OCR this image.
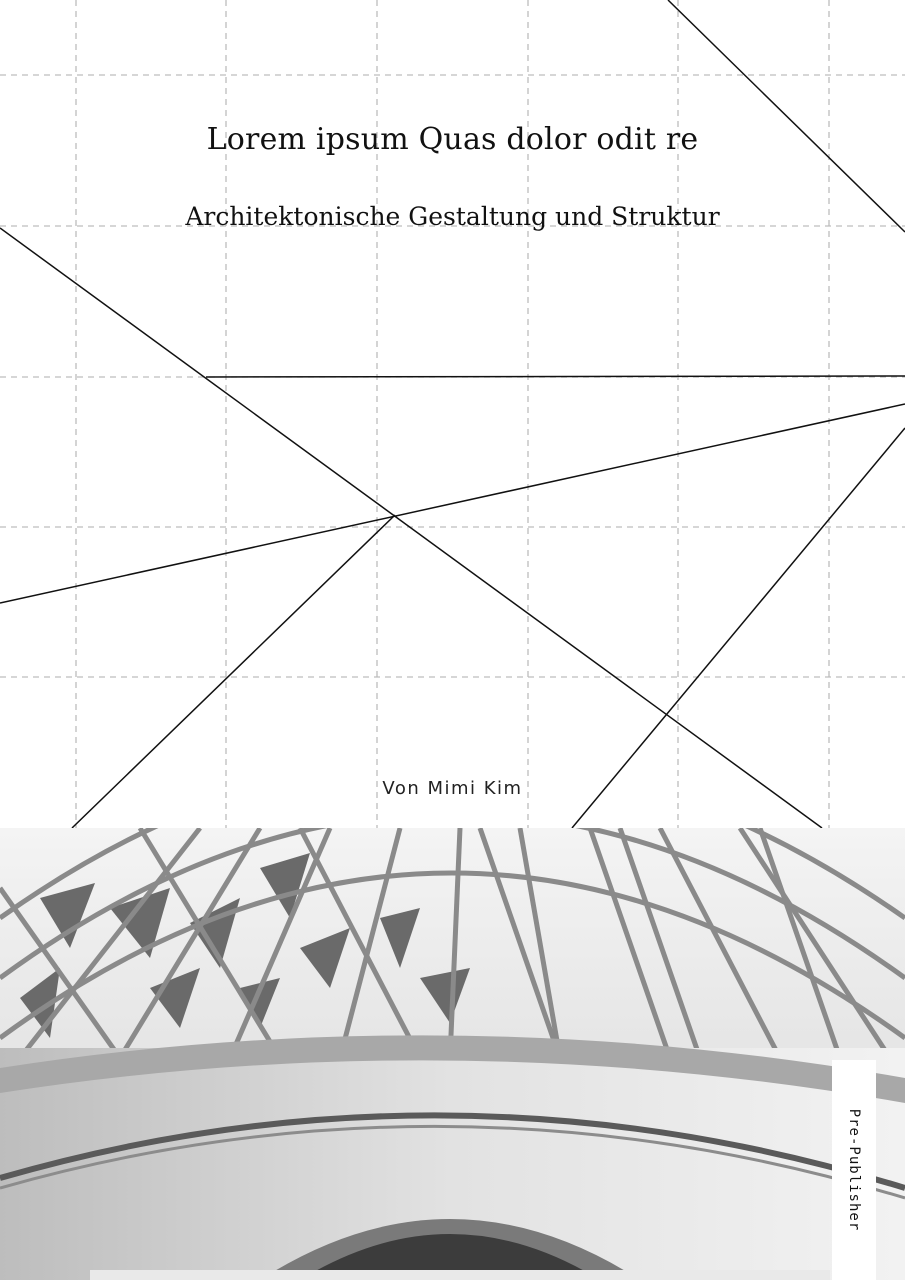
Lorem ipsum Quas dolor odit re
Architektonische Gestaltung und Struktur
Von Mimi Kim
Pre-Publisher
